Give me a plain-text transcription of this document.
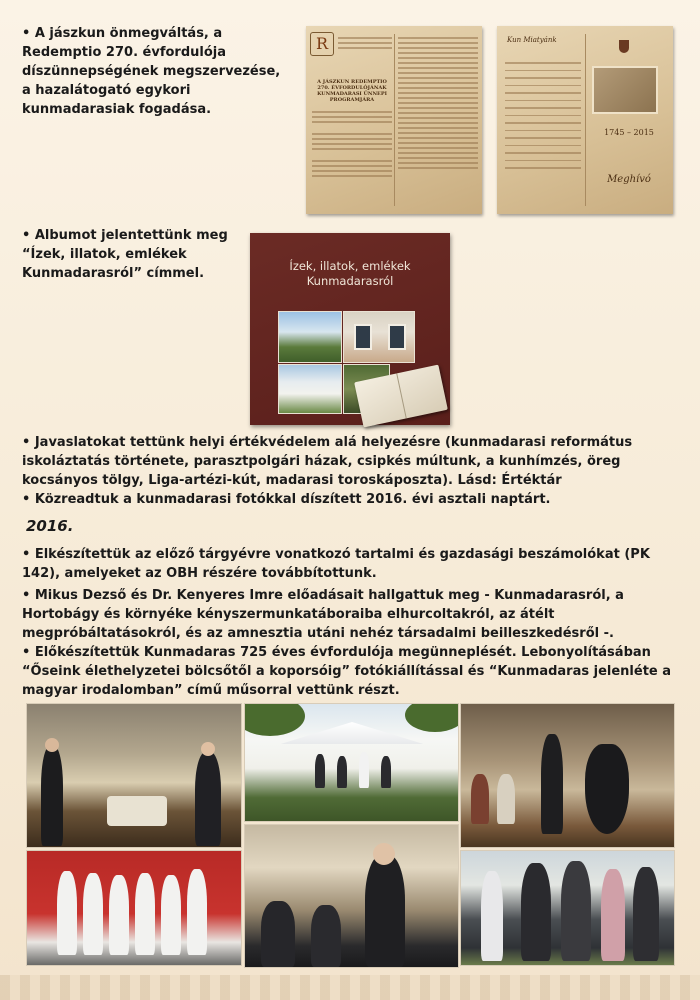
• A jászkun önmegváltás, a Redemptio 270. évfordulója díszünnepségének megszervezése, a hazalátogató egykori kunmadarasiak fogadása.

R
A JÁSZKUN REDEMPTIO 270. ÉVFORDULÓJÁNAK KUNMADARASI ÜNNEPI PROGRAMJÁRA
Kun Miatyánk
1745 – 2015
Meghívó

• Albumot jelentettünk meg “Ízek, illatok, emlékek Kunmadarasról” címmel.	Ízek, illatok, emlékek
Kunmadarasról

• Javaslatokat tettünk helyi értékvédelem alá helyezésre (kunmadarasi református iskoláztatás története, parasztpolgári házak, csipkés múltunk, a kunhímzés, öreg kocsányos tölgy, Liga-artézi-kút, madarasi toroskáposzta). Lásd: Értéktár

• Közreadtuk a kunmadarasi fotókkal díszített 2016. évi asztali naptárt.

2016.

• Elkészítettük az előző tárgyévre vonatkozó tartalmi és gazdasági beszámolókat (PK 142), amelyeket az OBH részére továbbítottunk.

• Mikus Dezső és Dr. Kenyeres Imre előadásait hallgattuk meg - Kunmadarasról, a Hortobágy és környéke kényszermunkatáboraiba elhurcoltakról, az átélt megpróbáltatásokról, és az amnesztia utáni nehéz társadalmi beilleszkedésről -.

• Előkészítettük Kunmadaras 725 éves évfordulója megünneplését. Lebonyolításában “Őseink élethelyzetei bölcsőtől a koporsóig” fotókiállítással és “Kunmadaras jelenléte a magyar irodalomban” című műsorral vettünk részt.
